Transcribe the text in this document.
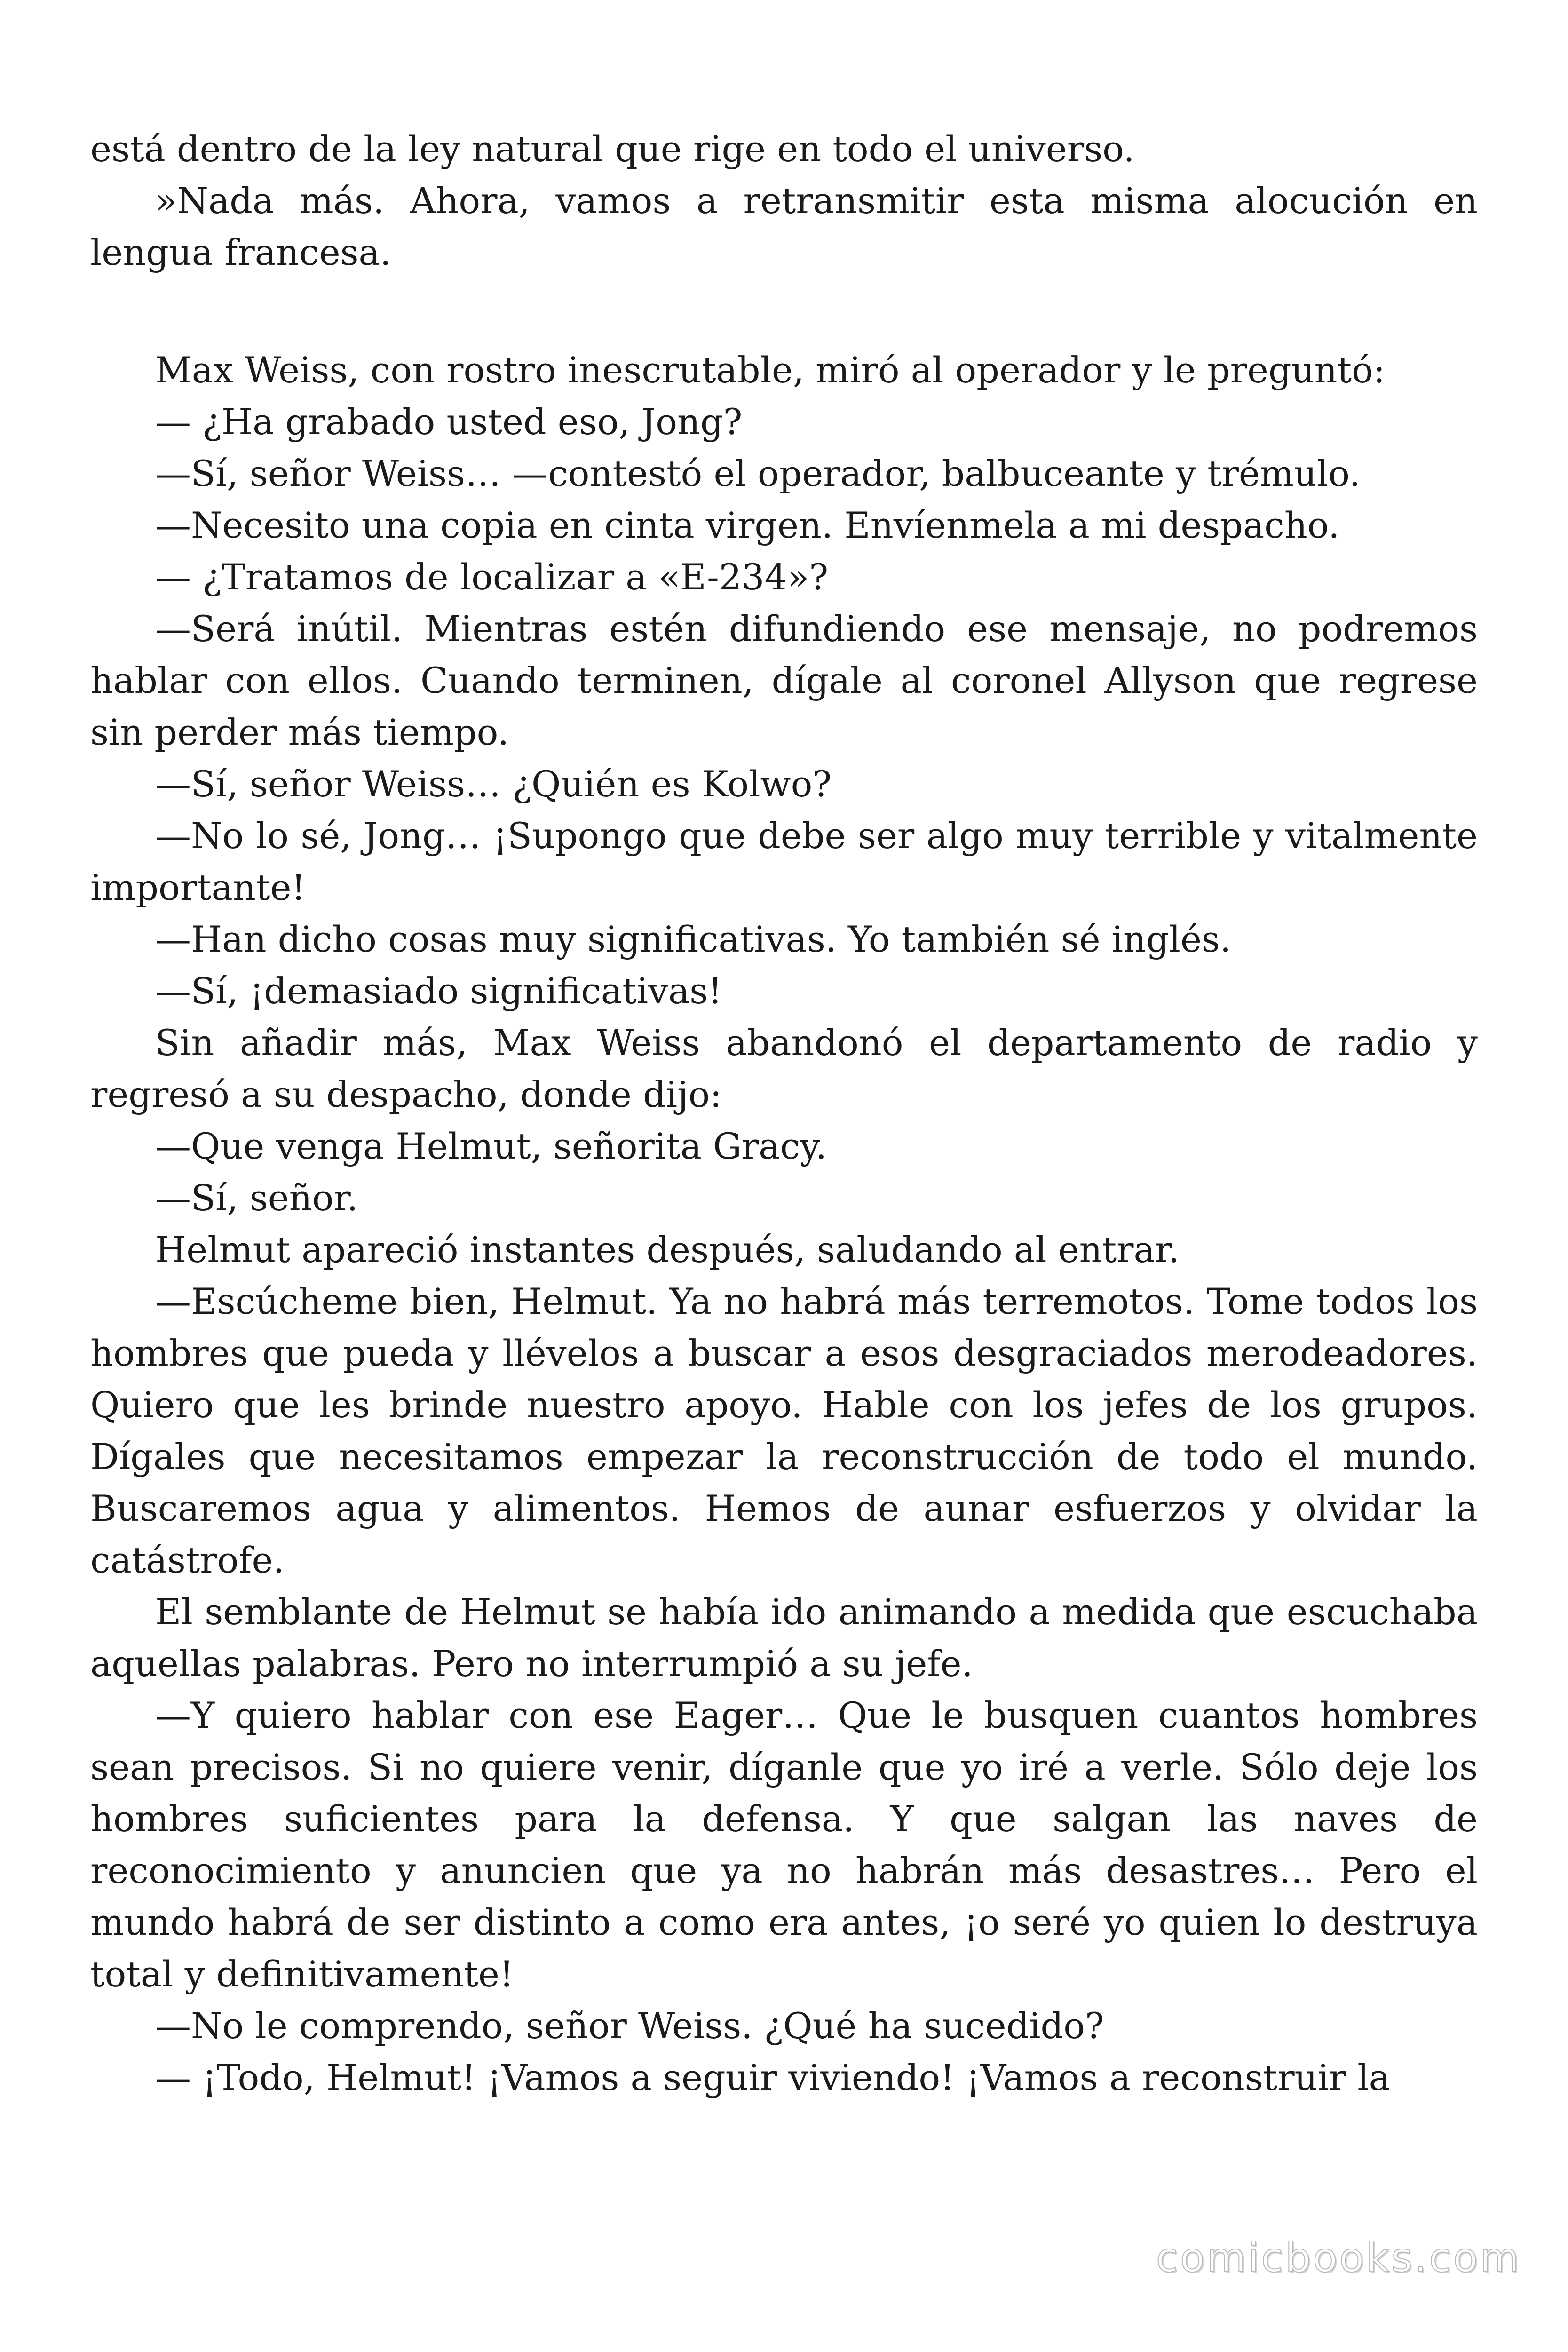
está dentro de la ley natural que rige en todo el universo.

»Nada más. Ahora, vamos a retransmitir esta misma alocución en lengua francesa.

Max Weiss, con rostro inescrutable, miró al operador y le preguntó:

— ¿Ha grabado usted eso, Jong?

—Sí, señor Weiss… —contestó el operador, balbuceante y trémulo.

—Necesito una copia en cinta virgen. Envíenmela a mi despacho.

— ¿Tratamos de localizar a «E-234»?

—Será inútil. Mientras estén difundiendo ese mensaje, no podremos hablar con ellos. Cuando terminen, dígale al coronel Allyson que regrese sin perder más tiempo.

—Sí, señor Weiss… ¿Quién es Kolwo?

—No lo sé, Jong… ¡Supongo que debe ser algo muy terrible y vitalmente importante!

—Han dicho cosas muy significativas. Yo también sé inglés.

—Sí, ¡demasiado significativas!

Sin añadir más, Max Weiss abandonó el departamento de radio y regresó a su despacho, donde dijo:

—Que venga Helmut, señorita Gracy.

—Sí, señor.

Helmut apareció instantes después, saludando al entrar.

—Escúcheme bien, Helmut. Ya no habrá más terremotos. Tome todos los hombres que pueda y llévelos a buscar a esos desgraciados merodeadores. Quiero que les brinde nuestro apoyo. Hable con los jefes de los grupos. Dígales que necesitamos empezar la reconstrucción de todo el mundo. Buscaremos agua y alimentos. Hemos de aunar esfuerzos y olvidar la catástrofe.

El semblante de Helmut se había ido animando a medida que escuchaba aquellas palabras. Pero no interrumpió a su jefe.

—Y quiero hablar con ese Eager… Que le busquen cuantos hombres sean precisos. Si no quiere venir, díganle que yo iré a verle. Sólo deje los hombres suficientes para la defensa. Y que salgan las naves de reconocimiento y anuncien que ya no habrán más desastres… Pero el mundo habrá de ser distinto a como era antes, ¡o seré yo quien lo destruya total y definitivamente!

—No le comprendo, señor Weiss. ¿Qué ha sucedido?

— ¡Todo, Helmut! ¡Vamos a seguir viviendo! ¡Vamos a reconstruir la

comicbooks.com
